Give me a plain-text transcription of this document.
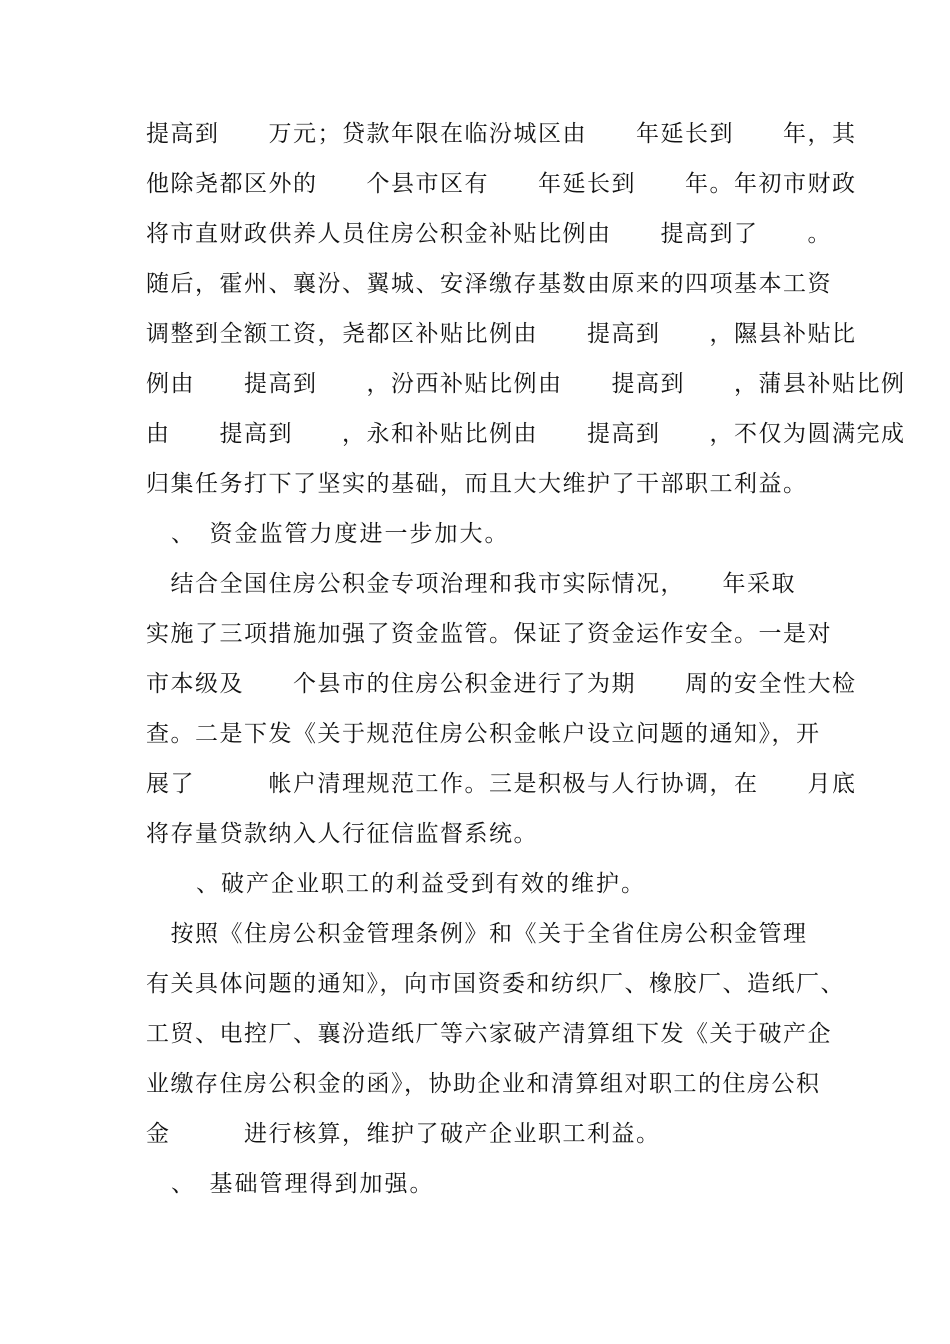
提高到　　万元；贷款年限在临汾城区由　　年延长到　　年，其
他除尧都区外的　　个县市区有　　年延长到　　年。年初市财政
将市直财政供养人员住房公积金补贴比例由　　提高到了　　。
随后，霍州、襄汾、翼城、安泽缴存基数由原来的四项基本工资
调整到全额工资，尧都区补贴比例由　　提高到　　，隰县补贴比
例由　　提高到　　，汾西补贴比例由　　提高到　　，蒲县补贴比例
由　　提高到　　，永和补贴比例由　　提高到　　，不仅为圆满完成
归集任务打下了坚实的基础，而且大大维护了干部职工利益。
　、　资金监管力度进一步加大。
　结合全国住房公积金专项治理和我市实际情况，　　年采取
实施了三项措施加强了资金监管。保证了资金运作安全。一是对
市本级及　　个县市的住房公积金进行了为期　　周的安全性大检
查。二是下发《关于规范住房公积金帐户设立问题的通知》，开
展了　　　帐户清理规范工作。三是积极与人行协调，在　　月底
将存量贷款纳入人行征信监督系统。
　　、破产企业职工的利益受到有效的维护。
　按照《住房公积金管理条例》和《关于全省住房公积金管理
有关具体问题的通知》，向市国资委和纺织厂、橡胶厂、造纸厂、
工贸、电控厂、襄汾造纸厂等六家破产清算组下发《关于破产企
业缴存住房公积金的函》，协助企业和清算组对职工的住房公积
金　　　进行核算，维护了破产企业职工利益。
　、　基础管理得到加强。
